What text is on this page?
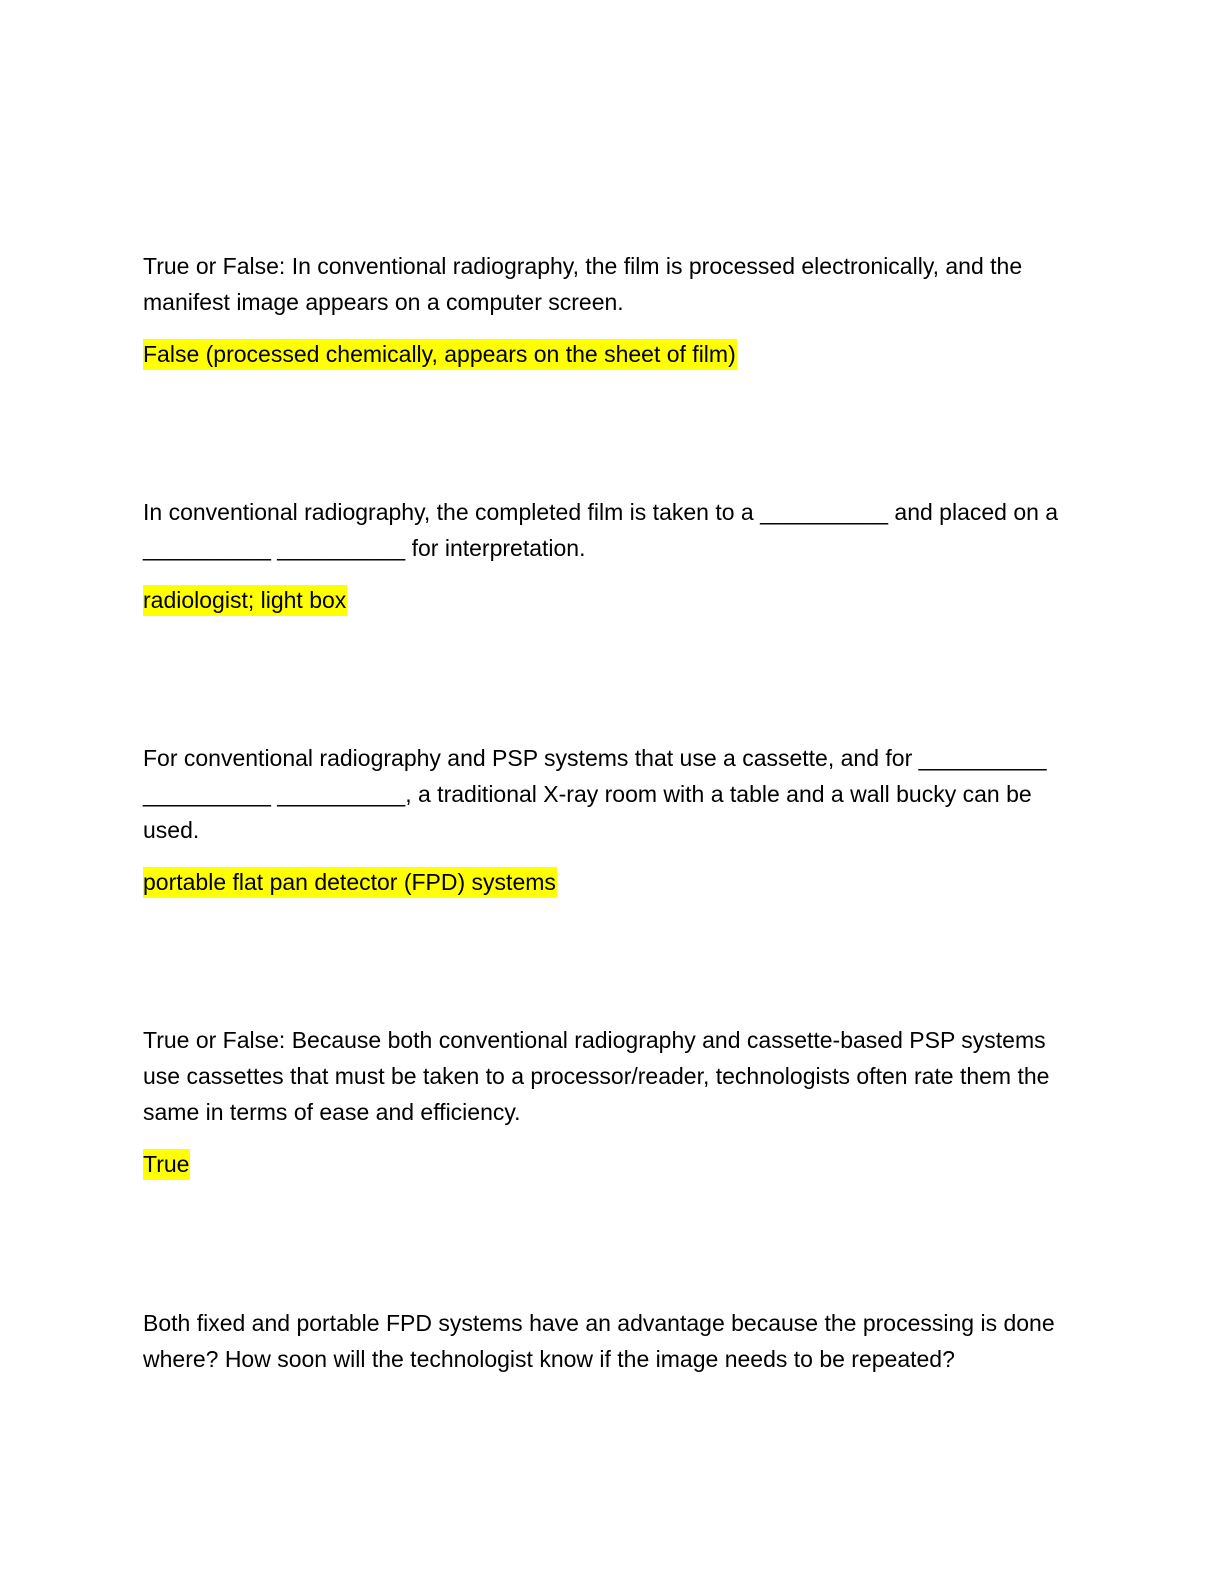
True or False: In conventional radiography, the film is processed electronically, and the manifest image appears on a computer screen.

False (processed chemically, appears on the sheet of film)

In conventional radiography, the completed film is taken to a __________ and placed on a __________ __________ for interpretation.

radiologist; light box

For conventional radiography and PSP systems that use a cassette, and for __________ __________ __________, a traditional X-ray room with a table and a wall bucky can be used.

portable flat pan detector (FPD) systems

True or False: Because both conventional radiography and cassette-based PSP systems use cassettes that must be taken to a processor/reader, technologists often rate them the same in terms of ease and efficiency.

True

Both fixed and portable FPD systems have an advantage because the processing is done where? How soon will the technologist know if the image needs to be repeated?
